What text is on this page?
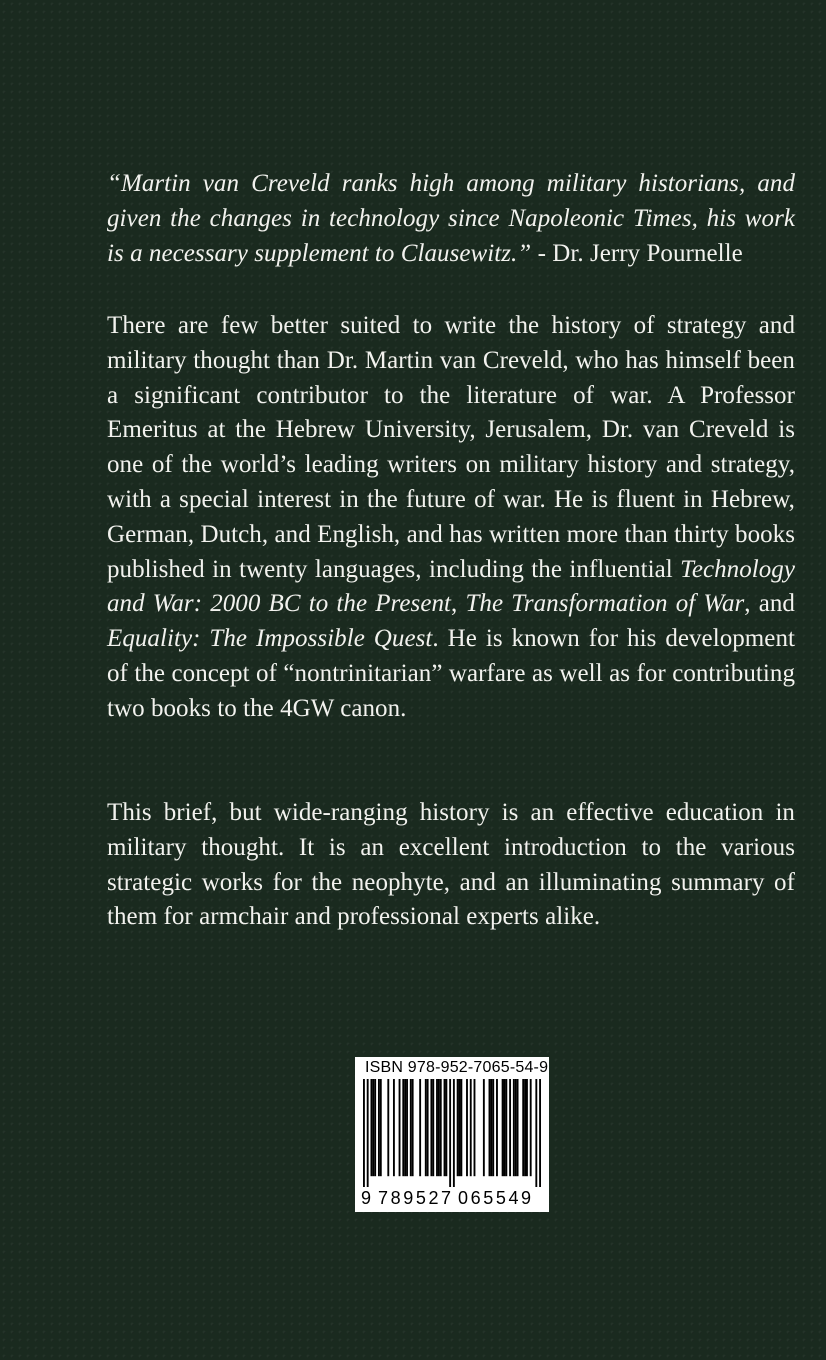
“Martin van Creveld ranks high among military historians, and given the changes in technology since Napoleonic Times, his work is a necessary supplement to Clausewitz.” - Dr. Jerry Pournelle

There are few better suited to write the history of strategy and military thought than Dr. Martin van Creveld, who has himself been a significant contributor to the literature of war. A Professor Emeritus at the Hebrew University, Jerusalem, Dr. van Creveld is one of the world’s leading writers on military history and strategy, with a special interest in the future of war. He is fluent in Hebrew, German, Dutch, and English, and has written more than thirty books published in twenty languages, including the influential Technology and War: 2000 BC to the Present, The Transformation of War, and Equality: The Impossible Quest. He is known for his development of the concept of “nontrinitarian” warfare as well as for contributing two books to the 4GW canon.

This brief, but wide-ranging history is an effective education in military thought. It is an excellent introduction to the various strategic works for the neophyte, and an illuminating summary of them for armchair and professional experts alike.

ISBN 978-952-7065-54-9
9 789527 065549
